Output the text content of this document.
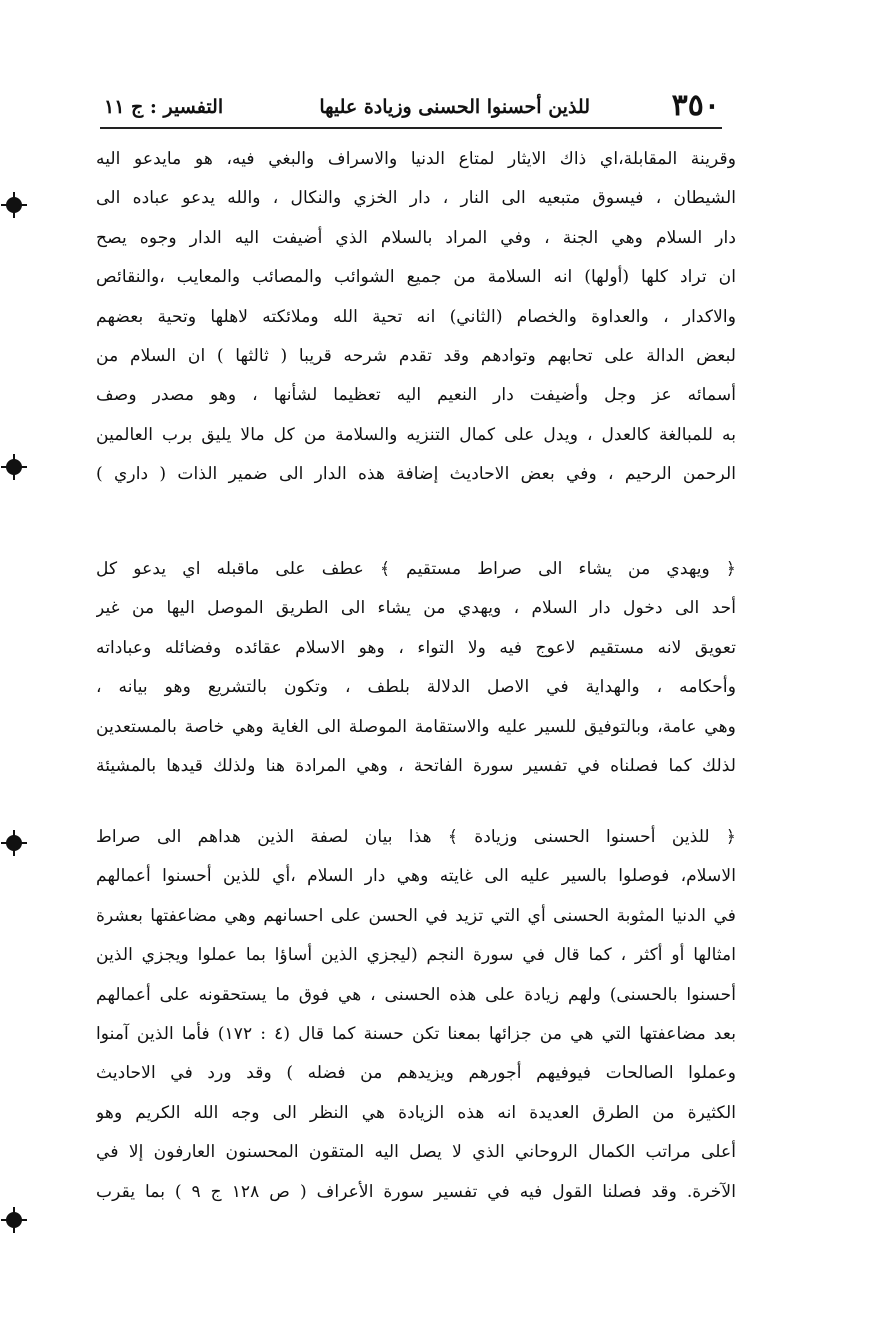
٣٥٠
للذين أحسنوا الحسنى وزيادة عليها
التفسير : ج ١١
وقرينة المقابلة،اي ذاك الايثار لمتاع الدنيا والاسراف والبغي فيه، هو مايدعو اليه
الشيطان ، فيسوق متبعيه الى النار ، دار الخزي والنكال ، والله يدعو عباده الى
دار السلام وهي الجنة ، وفي المراد بالسلام الذي أضيفت اليه الدار وجوه يصح
ان تراد كلها (أولها) انه السلامة من جميع الشوائب والمصائب والمعايب ،والنقائص
والاكدار ، والعداوة والخصام (الثاني) انه تحية الله وملائكته لاهلها وتحية بعضهم
لبعض الدالة على تحابهم وتوادهم وقد تقدم شرحه قريبا ( ثالثها ) ان السلام من
أسمائه عز وجل وأضيفت دار النعيم اليه تعظيما لشأنها ، وهو مصدر وصف
به للمبالغة كالعدل ، ويدل على كمال التنزيه والسلامة من كل مالا يليق برب العالمين
الرحمن الرحيم ، وفي بعض الاحاديث إضافة هذه الدار الى ضمير الذات ( داري )
﴿ ويهدي من يشاء الى صراط مستقيم ﴾ عطف على ماقبله اي يدعو كل
أحد الى دخول دار السلام ، ويهدي من يشاء الى الطريق الموصل اليها من غير
تعويق لانه مستقيم لاعوج فيه ولا التواء ، وهو الاسلام عقائده وفضائله وعباداته
وأحكامه ، والهداية في الاصل الدلالة بلطف ، وتكون بالتشريع وهو بيانه ،
وهي عامة، وبالتوفيق للسير عليه والاستقامة الموصلة الى الغاية وهي خاصة بالمستعدين
لذلك كما فصلناه في تفسير سورة الفاتحة ، وهي المرادة هنا ولذلك قيدها بالمشيئة
﴿ للذين أحسنوا الحسنى وزيادة ﴾ هذا بيان لصفة الذين هداهم الى صراط
الاسلام، فوصلوا بالسير عليه الى غايته وهي دار السلام ،أي للذين أحسنوا أعمالهم
في الدنيا المثوبة الحسنى أي التي تزيد في الحسن على احسانهم وهي مضاعفتها بعشرة
امثالها أو أكثر ، كما قال في سورة النجم (ليجزي الذين أساؤا بما عملوا ويجزي الذين
أحسنوا بالحسنى) ولهم زيادة على هذه الحسنى ، هي فوق ما يستحقونه على أعمالهم
بعد مضاعفتها التي هي من جزائها بمعنا تكن حسنة كما قال (٤ : ١٧٢) فأما الذين آمنوا
وعملوا الصالحات فيوفيهم أجورهم ويزيدهم من فضله ) وقد ورد في الاحاديث
الكثيرة من الطرق العديدة انه هذه الزيادة هي النظر الى وجه الله الكريم وهو
أعلى مراتب الكمال الروحاني الذي لا يصل اليه المتقون المحسنون العارفون إلا في
الآخرة. وقد فصلنا القول فيه في تفسير سورة الأعراف ( ص ١٢٨ ج ٩ ) بما يقرب
